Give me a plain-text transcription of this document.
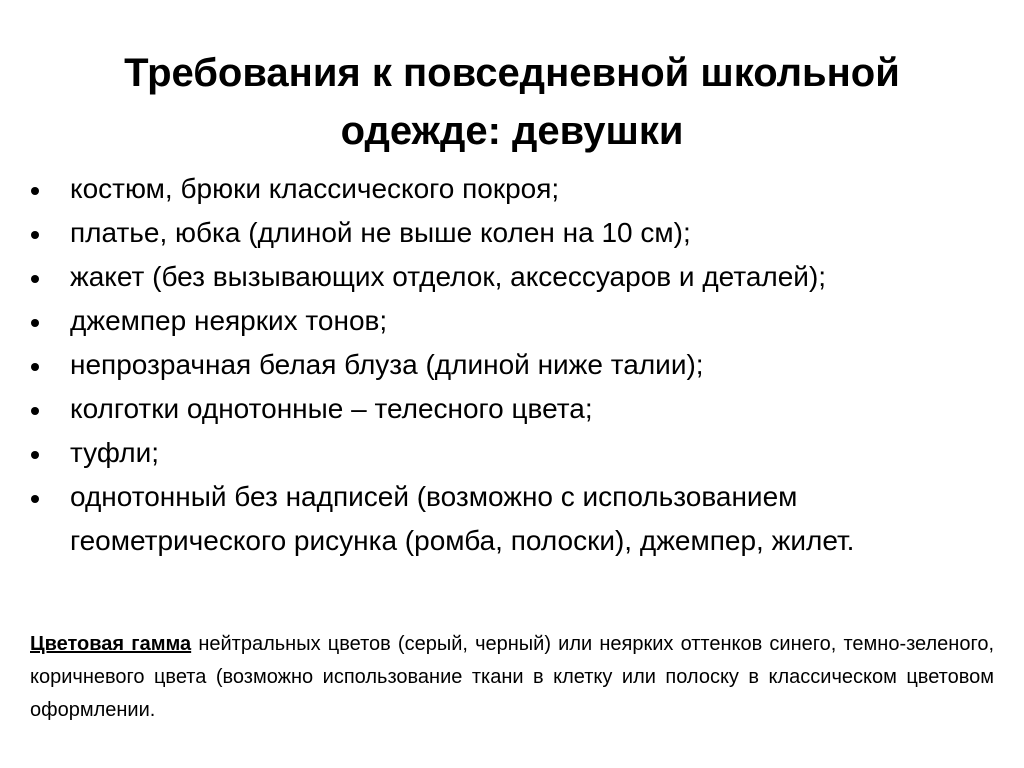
Требования к повседневной школьной одежде: девушки
костюм, брюки классического покроя;
платье, юбка (длиной не выше колен на 10 см);
жакет (без вызывающих отделок, аксессуаров и деталей);
джемпер неярких тонов;
непрозрачная белая блуза (длиной ниже талии);
колготки однотонные – телесного цвета;
туфли;
однотонный без надписей (возможно с использованием геометрического рисунка (ромба, полоски), джемпер, жилет.

Цветовая гамма нейтральных цветов (серый, черный) или неярких оттенков синего, темно-зеленого, коричневого цвета (возможно использование ткани в клетку или полоску в классическом цветовом оформлении.
